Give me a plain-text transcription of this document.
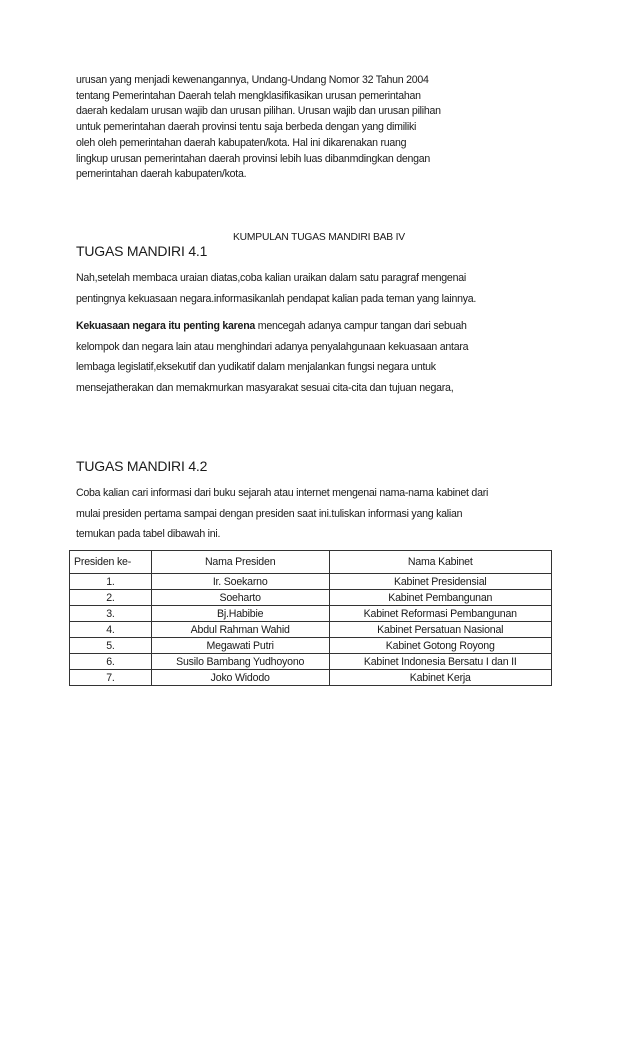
urusan yang menjadi kewenangannya, Undang-Undang Nomor 32 Tahun 2004
tentang Pemerintahan Daerah telah mengklasifikasikan urusan pemerintahan
daerah kedalam urusan wajib dan urusan pilihan. Urusan wajib dan urusan pilihan
untuk pemerintahan daerah provinsi tentu saja berbeda dengan yang dimiliki
oleh oleh pemerintahan daerah kabupaten/kota. Hal ini dikarenakan ruang
lingkup urusan pemerintahan daerah provinsi lebih luas dibanmdingkan dengan
pemerintahan daerah kabupaten/kota.
KUMPULAN TUGAS MANDIRI BAB IV
TUGAS MANDIRI 4.1
Nah,setelah membaca uraian diatas,coba kalian uraikan dalam satu paragraf mengenai
pentingnya kekuasaan negara.informasikanlah pendapat kalian pada teman yang lainnya.
Kekuasaan negara itu penting karena mencegah adanya campur tangan dari sebuah
kelompok dan negara lain atau menghindari adanya penyalahgunaan kekuasaan antara
lembaga legislatif,eksekutif dan yudikatif dalam menjalankan fungsi negara untuk
mensejatherakan dan memakmurkan masyarakat sesuai cita-cita dan tujuan negara,
TUGAS MANDIRI 4.2
Coba kalian cari informasi dari buku sejarah atau internet mengenai nama-nama kabinet dari
mulai presiden pertama sampai dengan presiden saat ini.tuliskan informasi yang kalian
temukan pada tabel dibawah ini.
Presiden ke-	Nama Presiden	Nama Kabinet
1.	Ir. Soekarno	Kabinet Presidensial
2.	Soeharto	Kabinet Pembangunan
3.	Bj.Habibie	Kabinet Reformasi Pembangunan
4.	Abdul Rahman Wahid	Kabinet Persatuan Nasional
5.	Megawati Putri	Kabinet Gotong Royong
6.	Susilo Bambang Yudhoyono	Kabinet Indonesia Bersatu I dan II
7.	Joko Widodo	Kabinet Kerja
